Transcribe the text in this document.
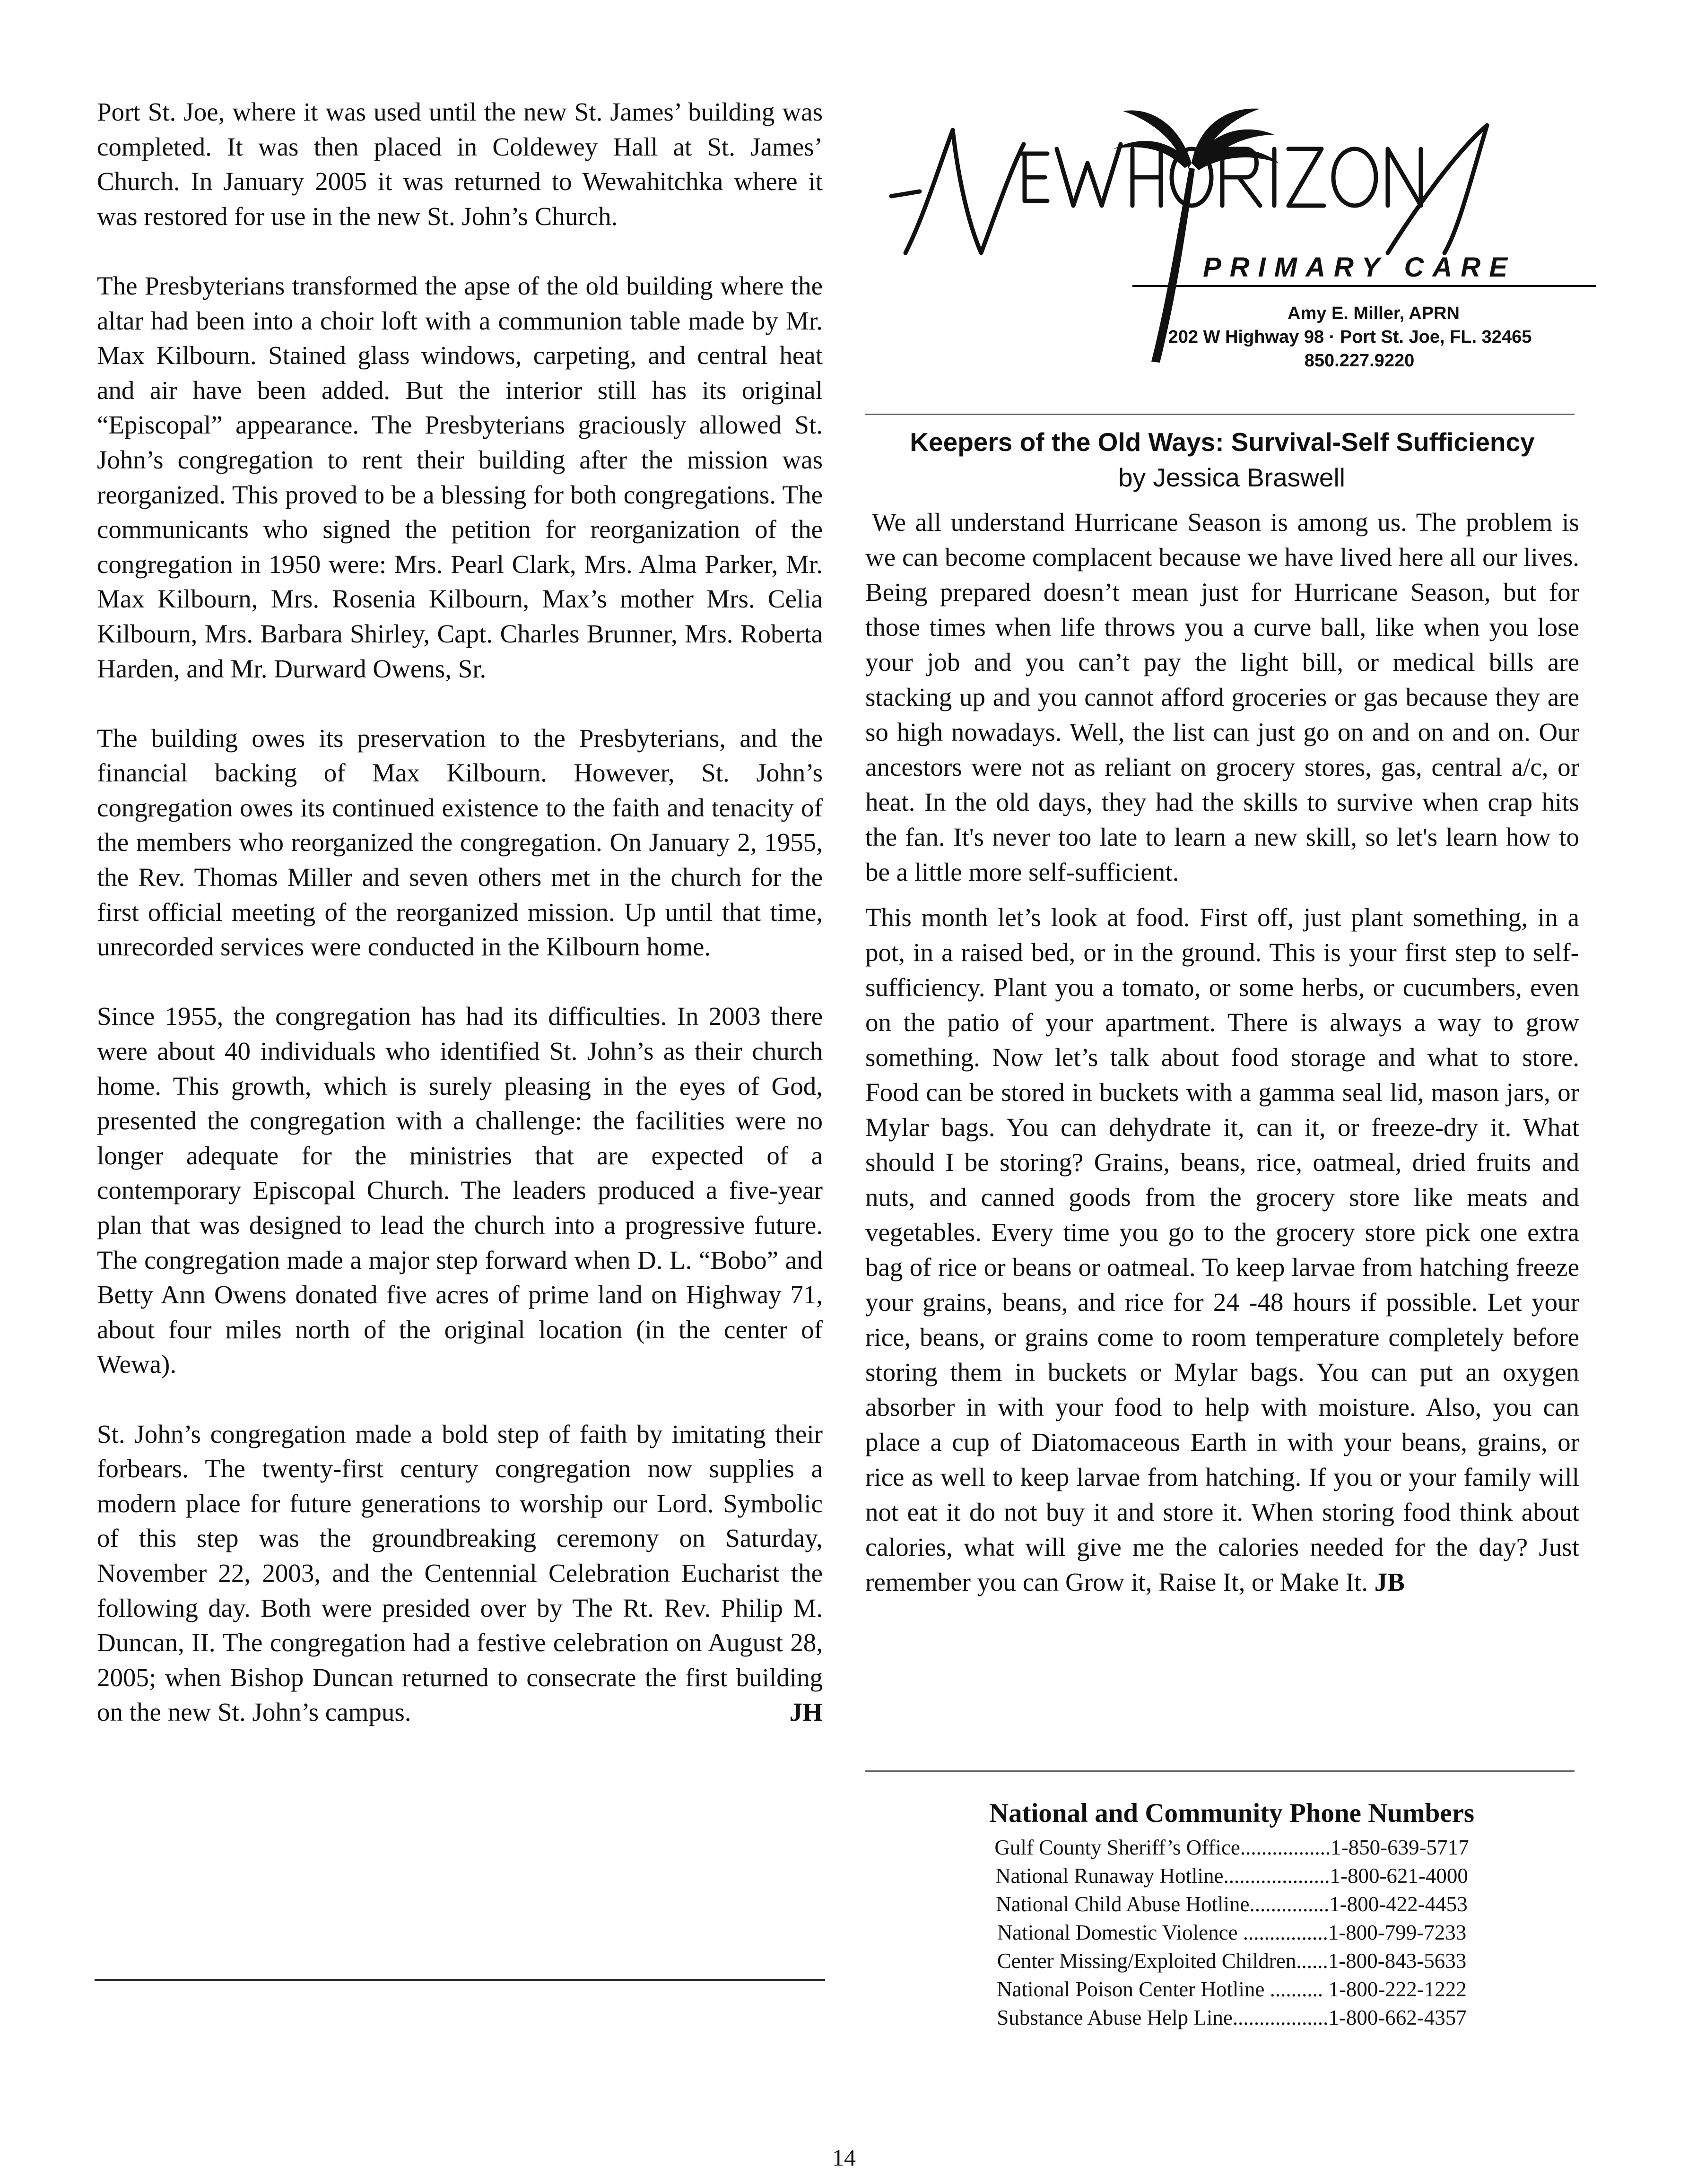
Port St. Joe, where it was used until the new St. James’ building was completed. It was then placed in Coldewey Hall at St. James’ Church. In January 2005 it was returned to Wewahitchka where it was restored for use in the new St. John’s Church.

The Presbyterians transformed the apse of the old building where the altar had been into a choir loft with a communion table made by Mr. Max Kilbourn. Stained glass windows, carpeting, and central heat and air have been added. But the interior still has its original “Episcopal” appearance. The Presbyterians graciously allowed St. John’s congregation to rent their building after the mission was reorganized. This proved to be a blessing for both congregations. The communicants who signed the petition for reorganization of the congregation in 1950 were: Mrs. Pearl Clark, Mrs. Alma Parker, Mr. Max Kilbourn, Mrs. Rosenia Kilbourn, Max’s mother Mrs. Celia Kilbourn, Mrs. Barbara Shirley, Capt. Charles Brunner, Mrs. Roberta Harden, and Mr. Durward Owens, Sr.

The building owes its preservation to the Presbyterians, and the financial backing of Max Kilbourn. However, St. John’s congregation owes its continued existence to the faith and tenacity of the members who reorganized the congregation. On January 2, 1955, the Rev. Thomas Miller and seven others met in the church for the first official meeting of the reorganized mission. Up until that time, unrecorded services were conducted in the Kilbourn home.

Since 1955, the congregation has had its difficulties. In 2003 there were about 40 individuals who identified St. John’s as their church home. This growth, which is surely pleasing in the eyes of God, presented the congregation with a challenge: the facilities were no longer adequate for the ministries that are expected of a contemporary Episcopal Church. The leaders produced a five-year plan that was designed to lead the church into a progressive future. The congregation made a major step forward when D. L. “Bobo” and Betty Ann Owens donated five acres of prime land on Highway 71, about four miles north of the original location (in the center of Wewa).

St. John’s congregation made a bold step of faith by imitating their forbears. The twenty-first century congregation now supplies a modern place for future generations to worship our Lord. Symbolic of this step was the groundbreaking ceremony on Saturday, November 22, 2003, and the Centennial Celebration Eucharist the following day. Both were presided over by The Rt. Rev. Philip M. Duncan, II. The congregation had a festive celebration on August 28, 2005; when Bishop Duncan returned to consecrate the first building on the new St. John’s campus.	JH

PRIMARY CARE
Amy E. Miller, APRN
202 W Highway 98 · Port St. Joe, FL. 32465
850.227.9220
Keepers of the Old Ways: Survival-Self Sufficiency

by Jessica Braswell

We all understand Hurricane Season is among us. The problem is we can become complacent because we have lived here all our lives. Being prepared doesn’t mean just for Hurricane Season, but for those times when life throws you a curve ball, like when you lose your job and you can’t pay the light bill, or medical bills are stacking up and you cannot afford groceries or gas because they are so high nowadays. Well, the list can just go on and on and on. Our ancestors were not as reliant on grocery stores, gas, central a/c, or heat. In the old days, they had the skills to survive when crap hits the fan. It's never too late to learn a new skill, so let's learn how to be a little more self-sufficient.

This month let’s look at food. First off, just plant something, in a pot, in a raised bed, or in the ground. This is your first step to self-sufficiency. Plant you a tomato, or some herbs, or cucumbers, even on the patio of your apartment. There is always a way to grow something. Now let’s talk about food storage and what to store. Food can be stored in buckets with a gamma seal lid, mason jars, or Mylar bags. You can dehydrate it, can it, or freeze-dry it. What should I be storing? Grains, beans, rice, oatmeal, dried fruits and nuts, and canned goods from the grocery store like meats and vegetables. Every time you go to the grocery store pick one extra bag of rice or beans or oatmeal. To keep larvae from hatching freeze your grains, beans, and rice for 24 -48 hours if possible. Let your rice, beans, or grains come to room temperature completely before storing them in buckets or Mylar bags. You can put an oxygen absorber in with your food to help with moisture. Also, you can place a cup of Diatomaceous Earth in with your beans, grains, or rice as well to keep larvae from hatching. If you or your family will not eat it do not buy it and store it. When storing food think about calories, what will give me the calories needed for the day? Just remember you can Grow it, Raise It, or Make It. JB

National and Community Phone Numbers

Gulf County Sheriff’s Office.................1-850-639-5717

National Runaway Hotline....................1-800-621-4000

National Child Abuse Hotline...............1-800-422-4453

National Domestic Violence ................1-800-799-7233

Center Missing/Exploited Children......1-800-843-5633

National Poison Center Hotline .......... 1-800-222-1222

Substance Abuse Help Line..................1-800-662-4357

14
